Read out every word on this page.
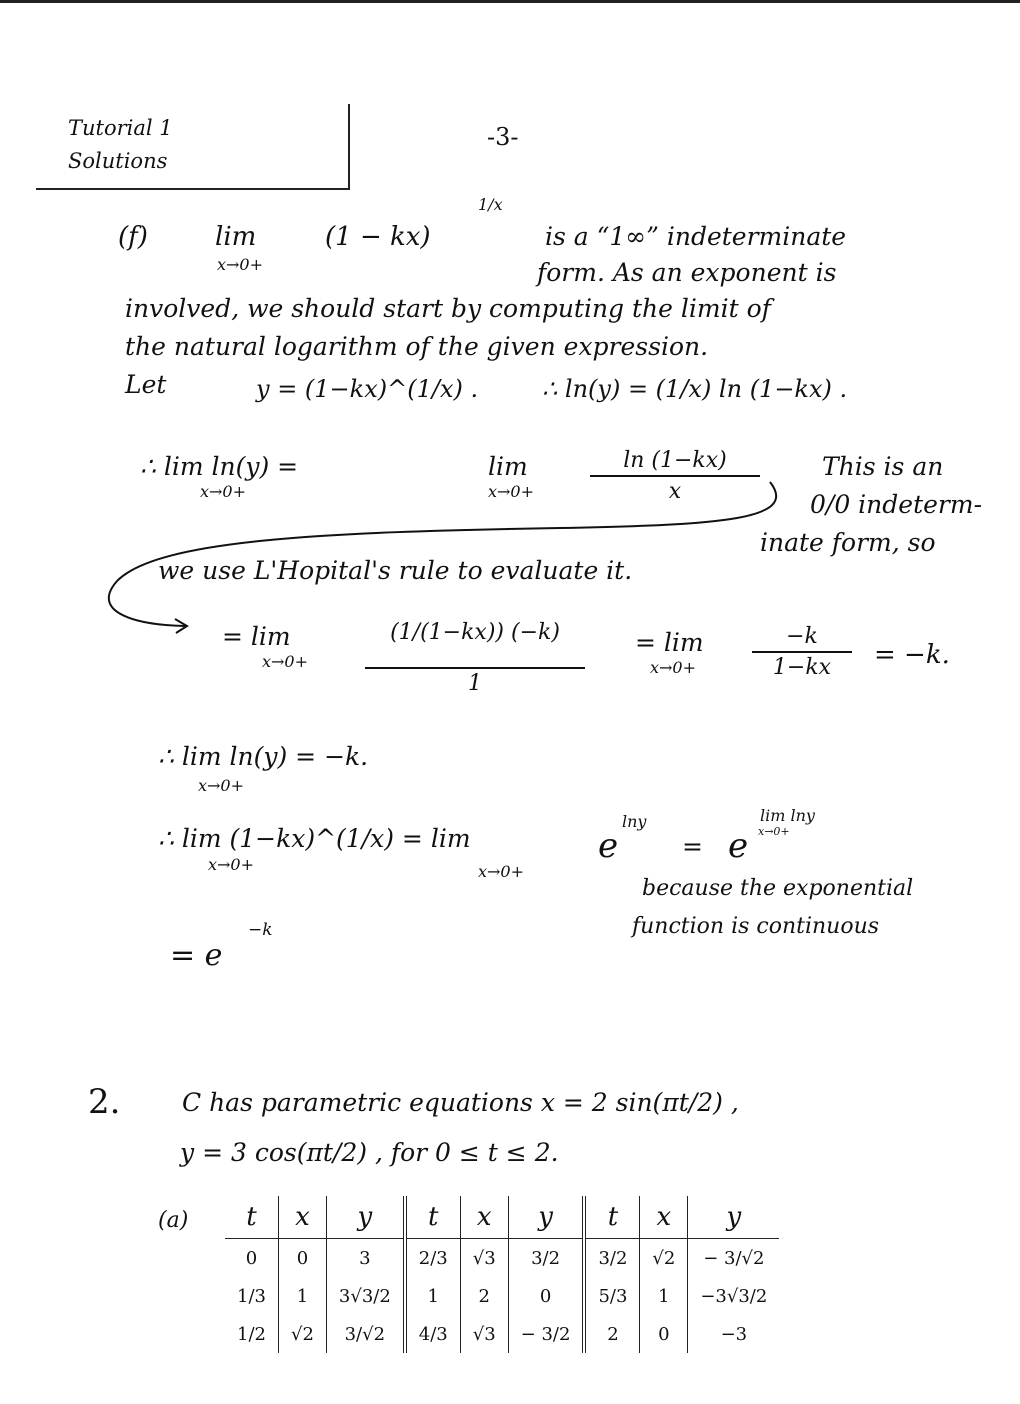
Tutorial 1
Solutions
-3-
(f)	lim
x→0+
(1 − kx)
1/x
is a “1∞” indeterminate
form. As an exponent is
involved, we should start by computing the limit of
the natural logarithm of the given expression.
Let	y = (1−kx)^(1/x) .	∴ ln(y) = (1/x) ln (1−kx) .
∴ lim ln(y) =
x→0+
lim
x→0+
ln (1−kx)
x
This is an
0/0 indeterm-
inate form, so
we use L'Hopital's rule to evaluate it.
= lim
x→0+
(1/(1−kx)) (−k)
1
= lim
x→0+
−k
1−kx	= −k.
∴ lim ln(y) = −k.
x→0+
∴ lim (1−kx)^(1/x) = lim
x→0+	x→0+
e
lny
= e
lim lny
x→0+
because the exponential
function is continuous
= e
−k
2. C has parametric equations x = 2 sin(πt/2) ,
y = 3 cos(πt/2) , for 0 ≤ t ≤ 2.
(a) t	x	y	t	x	y	t	x	y
0	0	3	2/3	√3	3/2	3/2	√2	− 3/√2
1/3	1	3√3/2	1	2	0	5/3	1	−3√3/2
1/2	√2	3/√2	4/3	√3	− 3/2	2	0	−3
